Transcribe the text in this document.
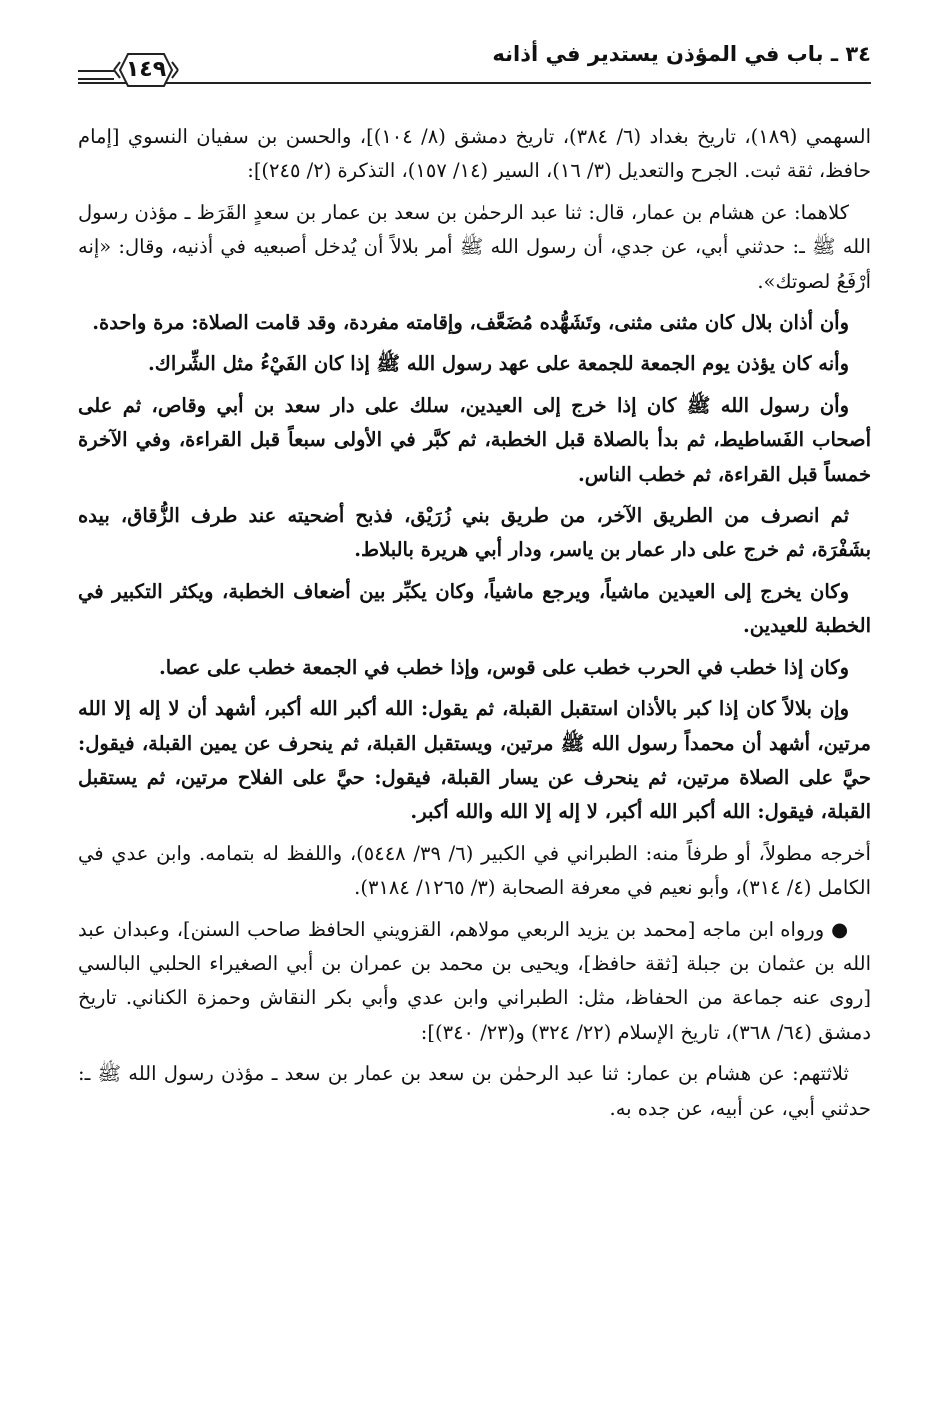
٣٤ ـ باب في المؤذن يستدير في أذانه
١٤٩

السهمي (١٨٩)، تاريخ بغداد (٦/ ٣٨٤)، تاريخ دمشق (٨/ ١٠٤)]، والحسن بن سفيان النسوي [إمام حافظ، ثقة ثبت. الجرح والتعديل (٣/ ١٦)، السير (١٤/ ١٥٧)، التذكرة (٢/ ٢٤٥)]:

كلاهما: عن هشام بن عمار، قال: ثنا عبد الرحمٰن بن سعد بن عمار بن سعدٍ القَرَظ ـ مؤذن رسول الله ﷺ ـ: حدثني أبي، عن جدي، أن رسول الله ﷺ أمر بلالاً أن يُدخل أصبعيه في أذنيه، وقال: «إنه أرْفَعُ لصوتك».

وأن أذان بلال كان مثنى مثنى، وتَشَهُّده مُضَعَّف، وإقامته مفردة، وقد قامت الصلاة: مرة واحدة.

وأنه كان يؤذن يوم الجمعة للجمعة على عهد رسول الله ﷺ إذا كان الفَيْءُ مثل الشِّراك.

وأن رسول الله ﷺ كان إذا خرج إلى العيدين، سلك على دار سعد بن أبي وقاص، ثم على أصحاب الفَساطيط، ثم بدأ بالصلاة قبل الخطبة، ثم كبَّر في الأولى سبعاً قبل القراءة، وفي الآخرة خمساً قبل القراءة، ثم خطب الناس.

ثم انصرف من الطريق الآخر، من طريق بني زُرَيْق، فذبح أضحيته عند طرف الزُّقاق، بيده بشَفْرَة، ثم خرج على دار عمار بن ياسر، ودار أبي هريرة بالبلاط.

وكان يخرج إلى العيدين ماشياً، ويرجع ماشياً، وكان يكبِّر بين أضعاف الخطبة، ويكثر التكبير في الخطبة للعيدين.

وكان إذا خطب في الحرب خطب على قوس، وإذا خطب في الجمعة خطب على عصا.

وإن بلالاً كان إذا كبر بالأذان استقبل القبلة، ثم يقول: الله أكبر الله أكبر، أشهد أن لا إله إلا الله مرتين، أشهد أن محمداً رسول الله ﷺ مرتين، ويستقبل القبلة، ثم ينحرف عن يمين القبلة، فيقول: حيَّ على الصلاة مرتين، ثم ينحرف عن يسار القبلة، فيقول: حيَّ على الفلاح مرتين، ثم يستقبل القبلة، فيقول: الله أكبر الله أكبر، لا إله إلا الله والله أكبر.

أخرجه مطولاً، أو طرفاً منه: الطبراني في الكبير (٦/ ٣٩/ ٥٤٤٨)، واللفظ له بتمامه. وابن عدي في الكامل (٤/ ٣١٤)، وأبو نعيم في معرفة الصحابة (٣/ ١٢٦٥/ ٣١٨٤).

● ورواه ابن ماجه [محمد بن يزيد الربعي مولاهم، القزويني الحافظ صاحب السنن]، وعبدان عبد الله بن عثمان بن جبلة [ثقة حافظ]، ويحيى بن محمد بن عمران بن أبي الصغيراء الحلبي البالسي [روى عنه جماعة من الحفاظ، مثل: الطبراني وابن عدي وأبي بكر النقاش وحمزة الكناني. تاريخ دمشق (٦٤/ ٣٦٨)، تاريخ الإسلام (٢٢/ ٣٢٤) و(٢٣/ ٣٤٠)]:

ثلاثتهم: عن هشام بن عمار: ثنا عبد الرحمٰن بن سعد بن عمار بن سعد ـ مؤذن رسول الله ﷺ ـ: حدثني أبي، عن أبيه، عن جده به.
